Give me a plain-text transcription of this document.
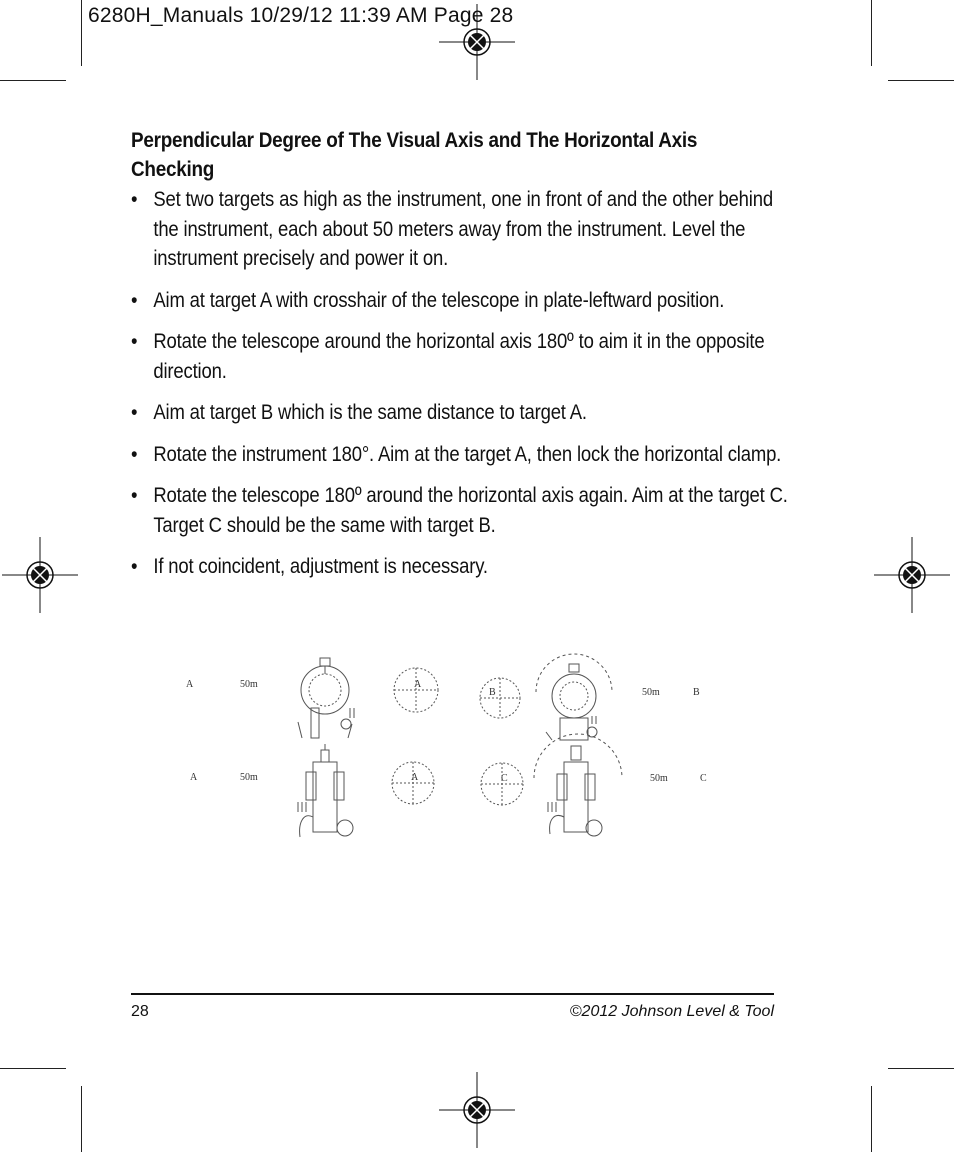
6280H_Manuals 10/29/12 11:39 AM Page 28
Perpendicular Degree of The Visual Axis and The Horizontal Axis Checking
• Set two targets as high as the instrument, one in front of and the other behind the instrument, each about 50 meters away from the instrument. Level the instrument precisely and power it on.
• Aim at target A with crosshair of the telescope in plate-leftward position.
• Rotate the telescope around the horizontal axis 180º to aim it in the opposite direction.
• Aim at target B which is the same distance to target A.
• Rotate the instrument 180°. Aim at the target A, then lock the horizontal clamp.
• Rotate the telescope 180º around the horizontal axis again. Aim at the target C. Target C should be the same with target B.
• If not coincident, adjustment is necessary.
A	50m	A
B	50m	B
A	50m	A	C	50m	C
28	©2012 Johnson Level & Tool
